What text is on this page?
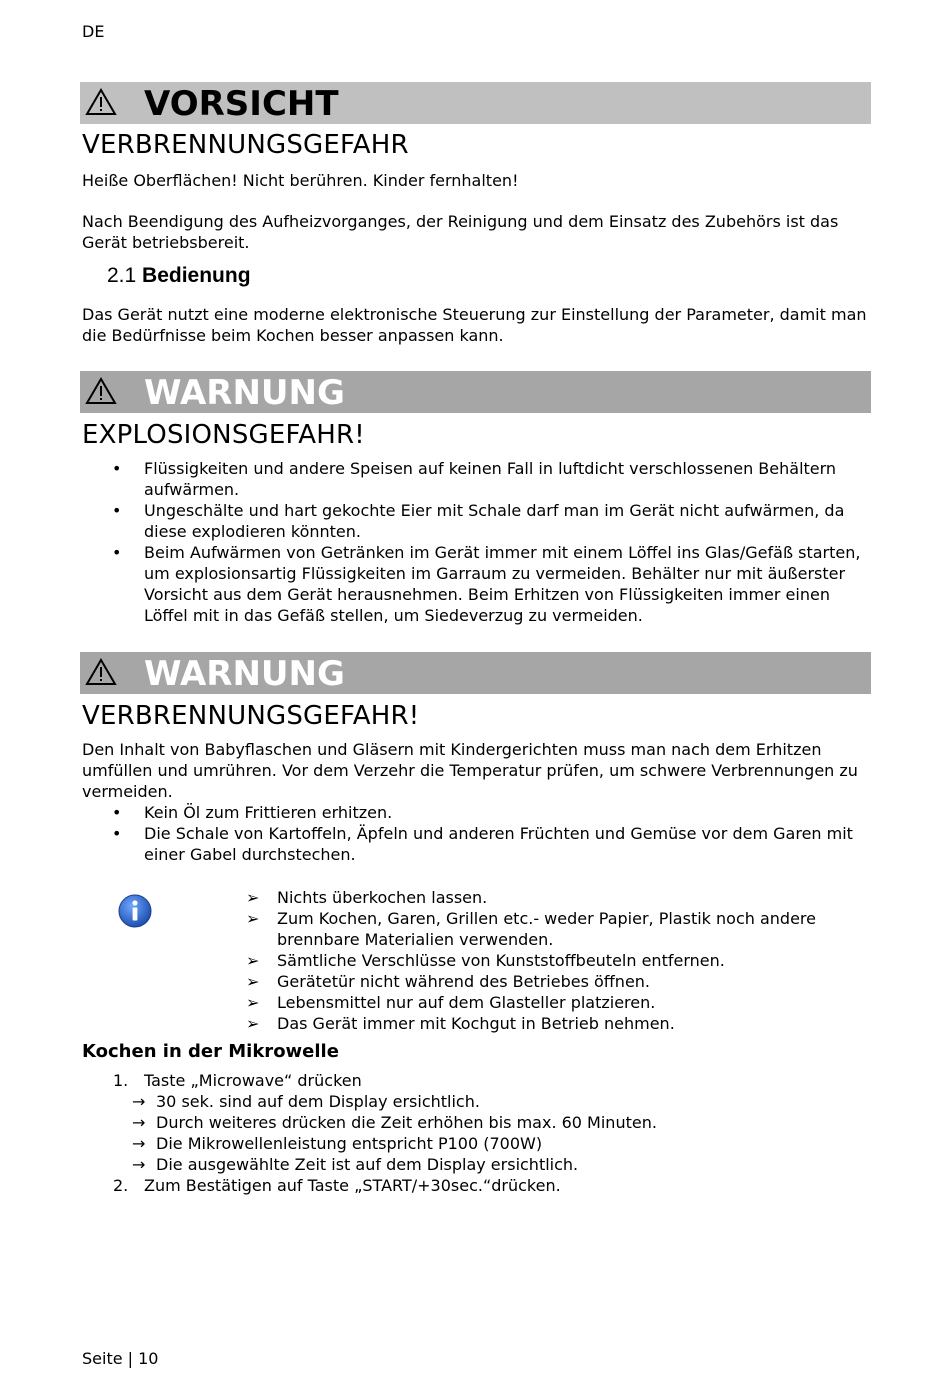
DE
VORSICHT
VERBRENNUNGSGEFAHR
Heiße Oberflächen! Nicht berühren. Kinder fernhalten!
Nach Beendigung des Aufheizvorganges, der Reinigung und dem Einsatz des Zubehörs ist das Gerät betriebsbereit.
2.1 Bedienung
Das Gerät nutzt eine moderne elektronische Steuerung zur Einstellung der Parameter, damit man die Bedürfnisse beim Kochen besser anpassen kann.
WARNUNG
EXPLOSIONSGEFAHR!
• Flüssigkeiten und andere Speisen auf keinen Fall in luftdicht verschlossenen Behältern aufwärmen.
• Ungeschälte und hart gekochte Eier mit Schale darf man im Gerät nicht aufwärmen, da diese explodieren könnten.
• Beim Aufwärmen von Getränken im Gerät immer mit einem Löffel ins Glas/Gefäß starten, um explosionsartig Flüssigkeiten im Garraum zu vermeiden. Behälter nur mit äußerster Vorsicht aus dem Gerät herausnehmen. Beim Erhitzen von Flüssigkeiten immer einen Löffel mit in das Gefäß stellen, um Siedeverzug zu vermeiden.
WARNUNG
VERBRENNUNGSGEFAHR!
Den Inhalt von Babyflaschen und Gläsern mit Kindergerichten muss man nach dem Erhitzen umfüllen und umrühren. Vor dem Verzehr die Temperatur prüfen, um schwere Verbrennungen zu vermeiden.
• Kein Öl zum Frittieren erhitzen.
• Die Schale von Kartoffeln, Äpfeln und anderen Früchten und Gemüse vor dem Garen mit einer Gabel durchstechen.
➢ Nichts überkochen lassen.
➢ Zum Kochen, Garen, Grillen etc.- weder Papier, Plastik noch andere brennbare Materialien verwenden.
➢ Sämtliche Verschlüsse von Kunststoffbeuteln entfernen.
➢ Gerätetür nicht während des Betriebes öffnen.
➢ Lebensmittel nur auf dem Glasteller platzieren.
➢ Das Gerät immer mit Kochgut in Betrieb nehmen.
Kochen in der Mikrowelle
1. Taste „Microwave“ drücken
→ 30 sek. sind auf dem Display ersichtlich.
→ Durch weiteres drücken die Zeit erhöhen bis max. 60 Minuten.
→ Die Mikrowellenleistung entspricht P100 (700W)
→ Die ausgewählte Zeit ist auf dem Display ersichtlich.
2. Zum Bestätigen auf Taste „START/+30sec.“drücken.
Seite | 10
